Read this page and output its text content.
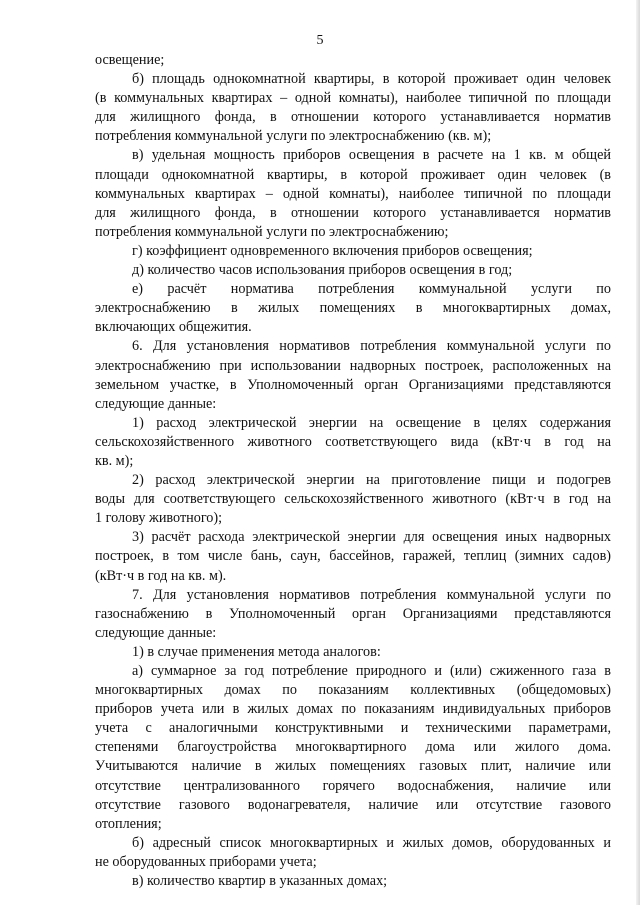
5
освещение;
б) площадь однокомнатной квартиры, в которой проживает один человек
(в коммунальных квартирах – одной комнаты), наиболее типичной по площади
для жилищного фонда, в отношении которого устанавливается норматив
потребления коммунальной услуги по электроснабжению (кв. м);
в) удельная мощность приборов освещения в расчете на 1 кв. м общей
площади однокомнатной квартиры, в которой проживает один человек (в
коммунальных квартирах – одной комнаты), наиболее типичной по площади
для жилищного фонда, в отношении которого устанавливается норматив
потребления коммунальной услуги по электроснабжению;
г) коэффициент одновременного включения приборов освещения;
д) количество часов использования приборов освещения в год;
е) расчёт норматива потребления коммунальной услуги по
электроснабжению в жилых помещениях в многоквартирных домах,
включающих общежития.
6. Для установления нормативов потребления коммунальной услуги по
электроснабжению при использовании надворных построек, расположенных на
земельном участке, в Уполномоченный орган Организациями представляются
следующие данные:
1) расход электрической энергии на освещение в целях содержания
сельскохозяйственного животного соответствующего вида (кВт·ч в год на
кв. м);
2) расход электрической энергии на приготовление пищи и подогрев
воды для соответствующего сельскохозяйственного животного (кВт·ч в год на
1 голову животного);
3) расчёт расхода электрической энергии для освещения иных надворных
построек, в том числе бань, саун, бассейнов, гаражей, теплиц (зимних садов)
(кВт·ч в год на кв. м).
7. Для установления нормативов потребления коммунальной услуги по
газоснабжению в Уполномоченный орган Организациями представляются
следующие данные:
1) в случае применения метода аналогов:
а) суммарное за год потребление природного и (или) сжиженного газа в
многоквартирных домах по показаниям коллективных (общедомовых)
приборов учета или в жилых домах по показаниям индивидуальных приборов
учета с аналогичными конструктивными и техническими параметрами,
степенями благоустройства многоквартирного дома или жилого дома.
Учитываются наличие в жилых помещениях газовых плит, наличие или
отсутствие централизованного горячего водоснабжения, наличие или
отсутствие газового водонагревателя, наличие или отсутствие газового
отопления;
б) адресный список многоквартирных и жилых домов, оборудованных и
не оборудованных приборами учета;
в) количество квартир в указанных домах;
